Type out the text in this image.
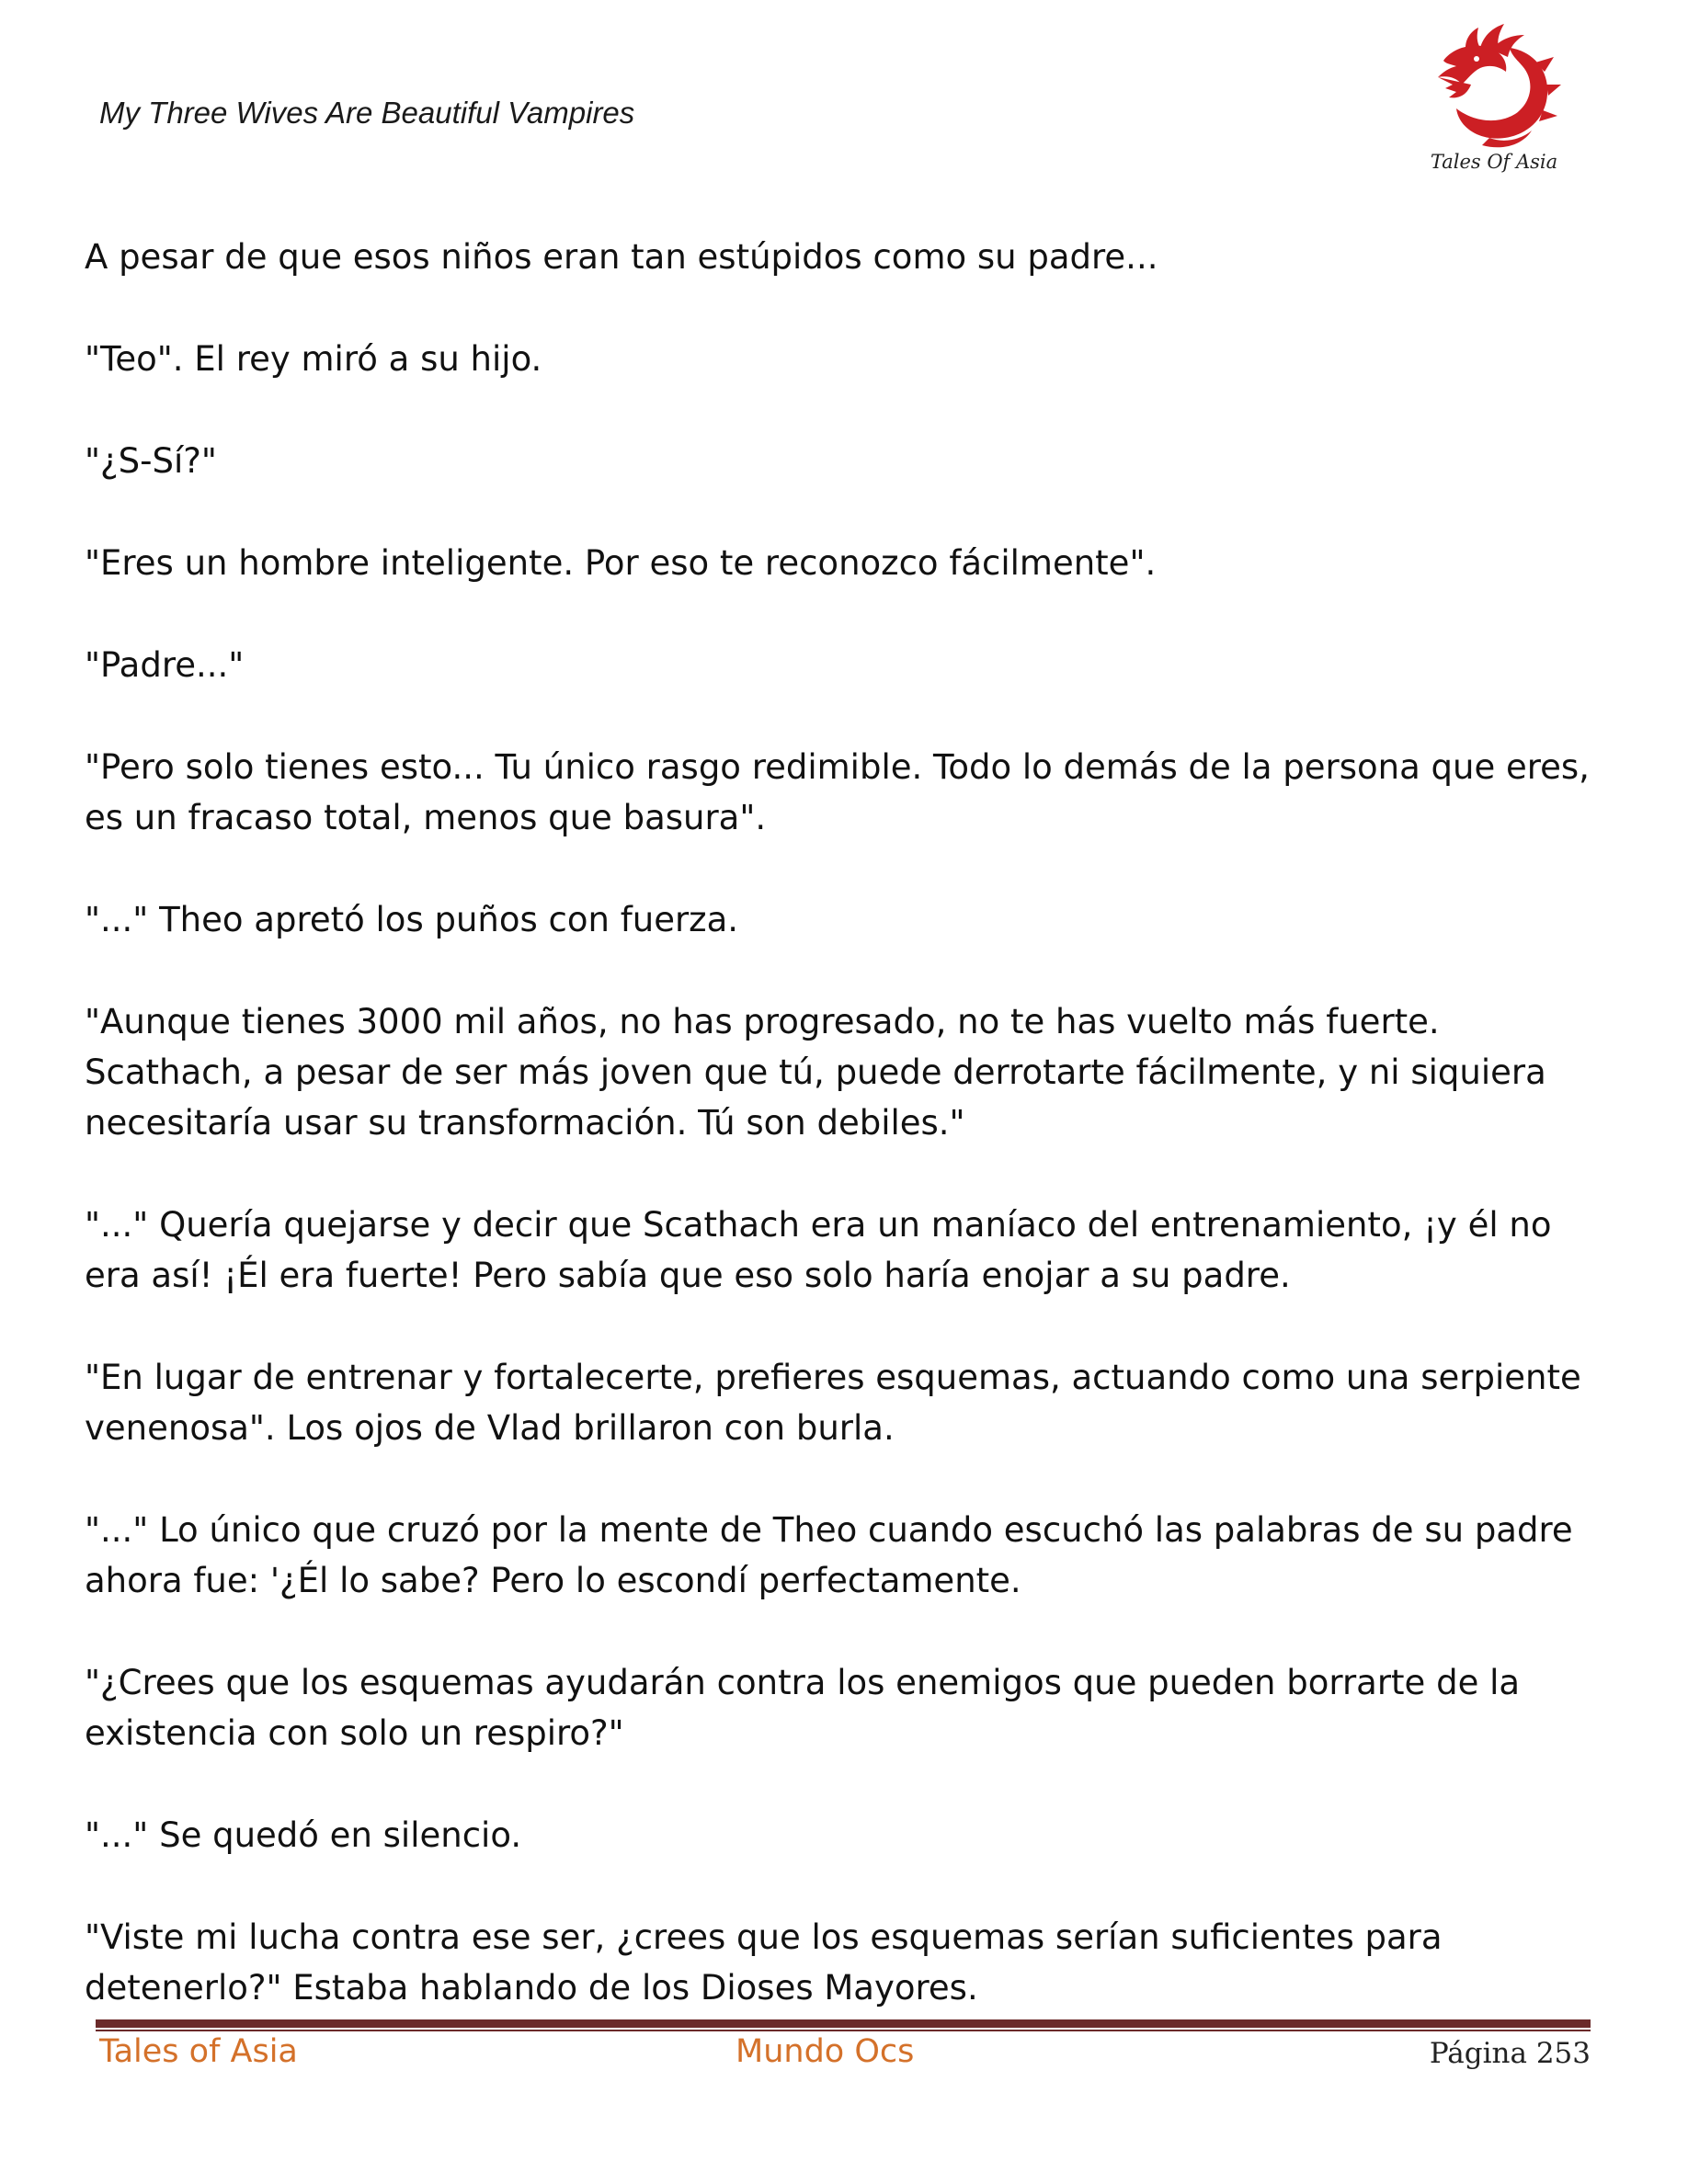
My Three Wives Are Beautiful Vampires
Tales Of Asia

A pesar de que esos niños eran tan estúpidos como su padre...

"Teo". El rey miró a su hijo.

"¿S-Sí?"

"Eres un hombre inteligente. Por eso te reconozco fácilmente".

"Padre..."

"Pero solo tienes esto... Tu único rasgo redimible. Todo lo demás de la persona que eres, es un fracaso total, menos que basura".

"..." Theo apretó los puños con fuerza.

"Aunque tienes 3000 mil años, no has progresado, no te has vuelto más fuerte. Scathach, a pesar de ser más joven que tú, puede derrotarte fácilmente, y ni siquiera necesitaría usar su transformación. Tú son debiles."

"..." Quería quejarse y decir que Scathach era un maníaco del entrenamiento, ¡y él no era así! ¡Él era fuerte! Pero sabía que eso solo haría enojar a su padre.

"En lugar de entrenar y fortalecerte, prefieres esquemas, actuando como una serpiente venenosa". Los ojos de Vlad brillaron con burla.

"..." Lo único que cruzó por la mente de Theo cuando escuchó las palabras de su padre ahora fue: '¿Él lo sabe? Pero lo escondí perfectamente.

"¿Crees que los esquemas ayudarán contra los enemigos que pueden borrarte de la existencia con solo un respiro?"

"..." Se quedó en silencio.

"Viste mi lucha contra ese ser, ¿crees que los esquemas serían suficientes para detenerlo?" Estaba hablando de los Dioses Mayores.

Tales of Asia	Mundo Ocs	Página 253
